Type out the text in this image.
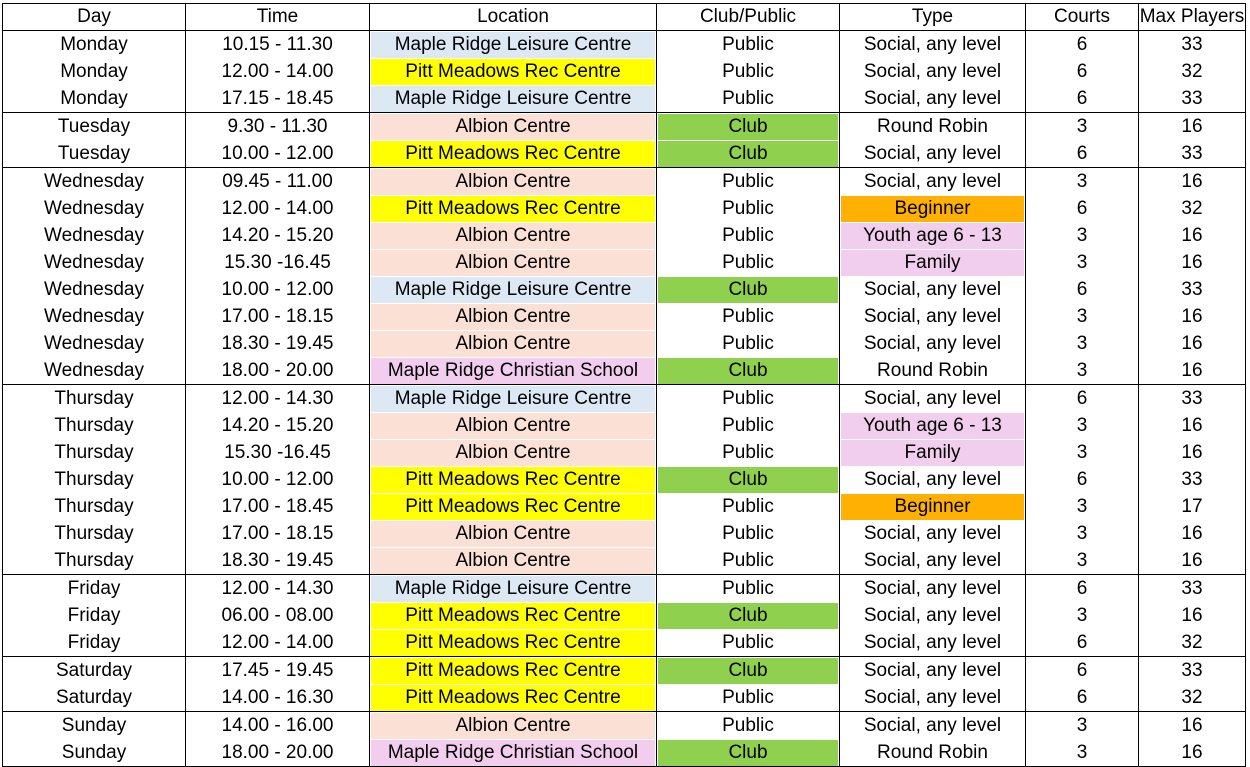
Day	Time	Location	Club/Public	Type	Courts	Max Players
Monday	10.15 - 11.30	Maple Ridge Leisure Centre	Public	Social, any level	6	33
Monday	12.00 - 14.00	Pitt Meadows Rec Centre	Public	Social, any level	6	32
Monday	17.15 - 18.45	Maple Ridge Leisure Centre	Public	Social, any level	6	33
Tuesday	9.30 - 11.30	Albion Centre	Club	Round Robin	3	16
Tuesday	10.00 - 12.00	Pitt Meadows Rec Centre	Club	Social, any level	6	33
Wednesday	09.45 - 11.00	Albion Centre	Public	Social, any level	3	16
Wednesday	12.00 - 14.00	Pitt Meadows Rec Centre	Public	Beginner	6	32
Wednesday	14.20 - 15.20	Albion Centre	Public	Youth age 6 - 13	3	16
Wednesday	15.30 -16.45	Albion Centre	Public	Family	3	16
Wednesday	10.00 - 12.00	Maple Ridge Leisure Centre	Club	Social, any level	6	33
Wednesday	17.00 - 18.15	Albion Centre	Public	Social, any level	3	16
Wednesday	18.30 - 19.45	Albion Centre	Public	Social, any level	3	16
Wednesday	18.00 - 20.00	Maple Ridge Christian School	Club	Round Robin	3	16
Thursday	12.00 - 14.30	Maple Ridge Leisure Centre	Public	Social, any level	6	33
Thursday	14.20 - 15.20	Albion Centre	Public	Youth age 6 - 13	3	16
Thursday	15.30 -16.45	Albion Centre	Public	Family	3	16
Thursday	10.00 - 12.00	Pitt Meadows Rec Centre	Club	Social, any level	6	33
Thursday	17.00 - 18.45	Pitt Meadows Rec Centre	Public	Beginner	3	17
Thursday	17.00 - 18.15	Albion Centre	Public	Social, any level	3	16
Thursday	18.30 - 19.45	Albion Centre	Public	Social, any level	3	16
Friday	12.00 - 14.30	Maple Ridge Leisure Centre	Public	Social, any level	6	33
Friday	06.00 - 08.00	Pitt Meadows Rec Centre	Club	Social, any level	3	16
Friday	12.00 - 14.00	Pitt Meadows Rec Centre	Public	Social, any level	6	32
Saturday	17.45 - 19.45	Pitt Meadows Rec Centre	Club	Social, any level	6	33
Saturday	14.00 - 16.30	Pitt Meadows Rec Centre	Public	Social, any level	6	32
Sunday	14.00 - 16.00	Albion Centre	Public	Social, any level	3	16
Sunday	18.00 - 20.00	Maple Ridge Christian School	Club	Round Robin	3	16
